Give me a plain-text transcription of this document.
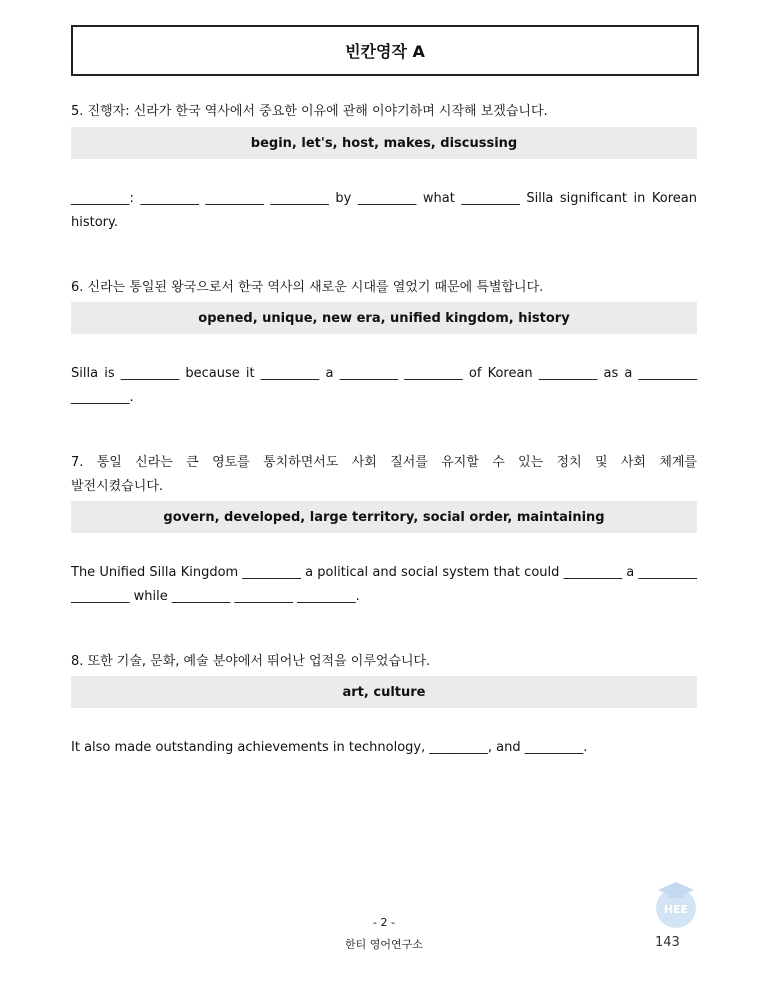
빈칸영작 A
5. 진행자: 신라가 한국 역사에서 중요한 이유에 관해 이야기하며 시작해 보겠습니다.
begin, let's, host, makes, discussing
_________: _________ _________ _________ by _________ what _________ Silla significant in Korean
history.
6. 신라는 통일된 왕국으로서 한국 역사의 새로운 시대를 열었기 때문에 특별합니다.
opened, unique, new era, unified kingdom, history
Silla is _________ because it _________ a _________ _________ of Korean _________ as a _________
_________.
7. 통일 신라는 큰 영토를 통치하면서도 사회 질서를 유지할 수 있는 정치 및 사회 체계를
발전시켰습니다.
govern, developed, large territory, social order, maintaining
The Unified Silla Kingdom _________ a political and social system that could _________ a _________
_________ while _________ _________ _________.
8. 또한 기술, 문화, 예술 분야에서 뛰어난 업적을 이루었습니다.
art, culture
It also made outstanding achievements in technology, _________, and _________.
- 2 -
한티 영어연구소
HEE
143
